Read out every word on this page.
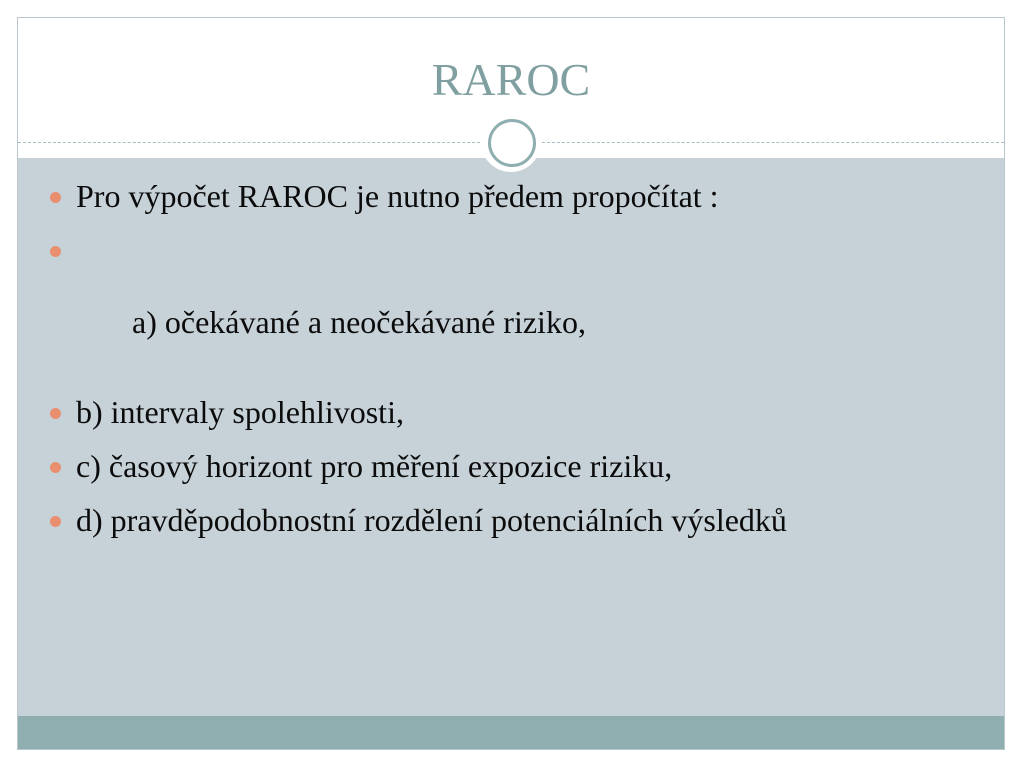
RAROC
Pro výpočet RAROC je nutno předem propočítat :

a) očekávané a neočekávané riziko,

b) intervaly spolehlivosti,
c) časový horizont pro měření expozice riziku,
d) pravděpodobnostní rozdělení potenciálních výsledků
